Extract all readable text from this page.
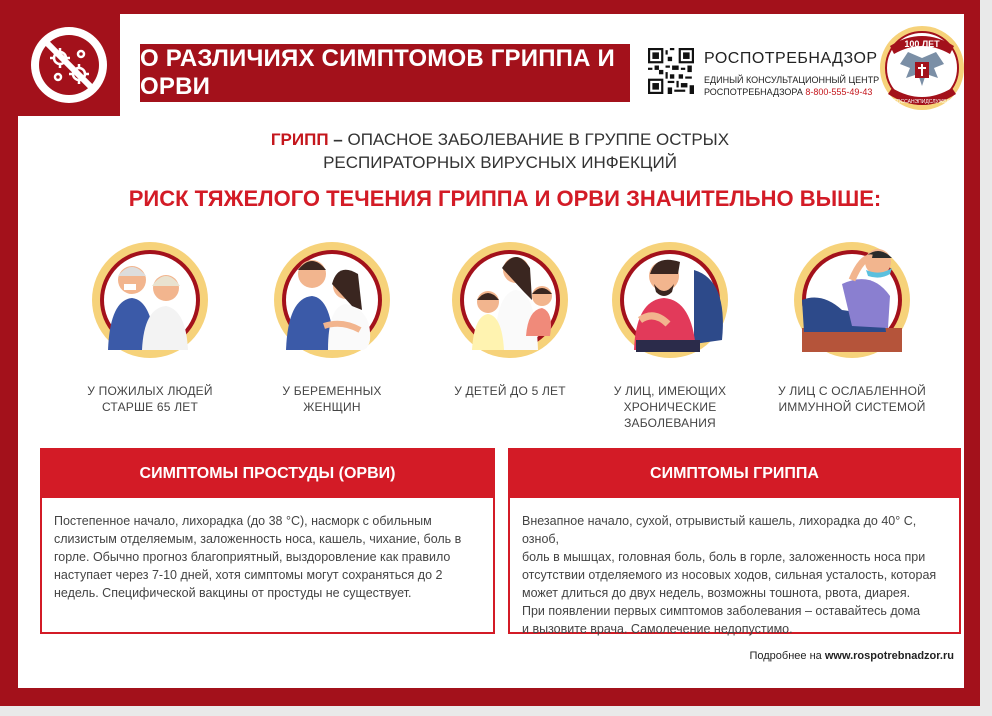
О РАЗЛИЧИЯХ СИМПТОМОВ ГРИППА И ОРВИ
РОСПОТРЕБНАДЗОР
ЕДИНЫЙ КОНСУЛЬТАЦИОННЫЙ ЦЕНТР
РОСПОТРЕБНАДЗОРА 8-800-555-49-43
100 ЛЕТ
ГОССАНЭПИДСЛУЖБА
ГРИПП – ОПАСНОЕ ЗАБОЛЕВАНИЕ В ГРУППЕ ОСТРЫХ
РЕСПИРАТОРНЫХ ВИРУСНЫХ ИНФЕКЦИЙ
РИСК ТЯЖЕЛОГО ТЕЧЕНИЯ ГРИППА И ОРВИ ЗНАЧИТЕЛЬНО ВЫШЕ:
У ПОЖИЛЫХ ЛЮДЕЙ
СТАРШЕ 65 ЛЕТ
У БЕРЕМЕННЫХ
ЖЕНЩИН
У ДЕТЕЙ ДО 5 ЛЕТ	У ЛИЦ, ИМЕЮЩИХ
ХРОНИЧЕСКИЕ ЗАБОЛЕВАНИЯ
У ЛИЦ С ОСЛАБЛЕННОЙ
ИММУННОЙ СИСТЕМОЙ
СИМПТОМЫ ПРОСТУДЫ (ОРВИ)
Постепенное начало, лихорадка (до 38 °C), насморк с обильным
слизистым отделяемым, заложенность носа, кашель, чихание, боль в
горле. Обычно прогноз благоприятный, выздоровление как правило
наступает через 7-10 дней, хотя симптомы могут сохраняться до 2
недель. Специфической вакцины от простуды не существует.
СИМПТОМЫ ГРИППА
Внезапное начало, сухой, отрывистый кашель, лихорадка до 40° С, озноб,
боль в мышцах, головная боль, боль в горле, заложенность носа при
отсутствии отделяемого из носовых ходов, сильная усталость, которая
может длиться до двух недель, возможны тошнота, рвота, диарея.
При появлении первых симптомов заболевания – оставайтесь дома
и вызовите врача. Самолечение недопустимо.
Подробнее на www.rospotrebnadzor.ru
